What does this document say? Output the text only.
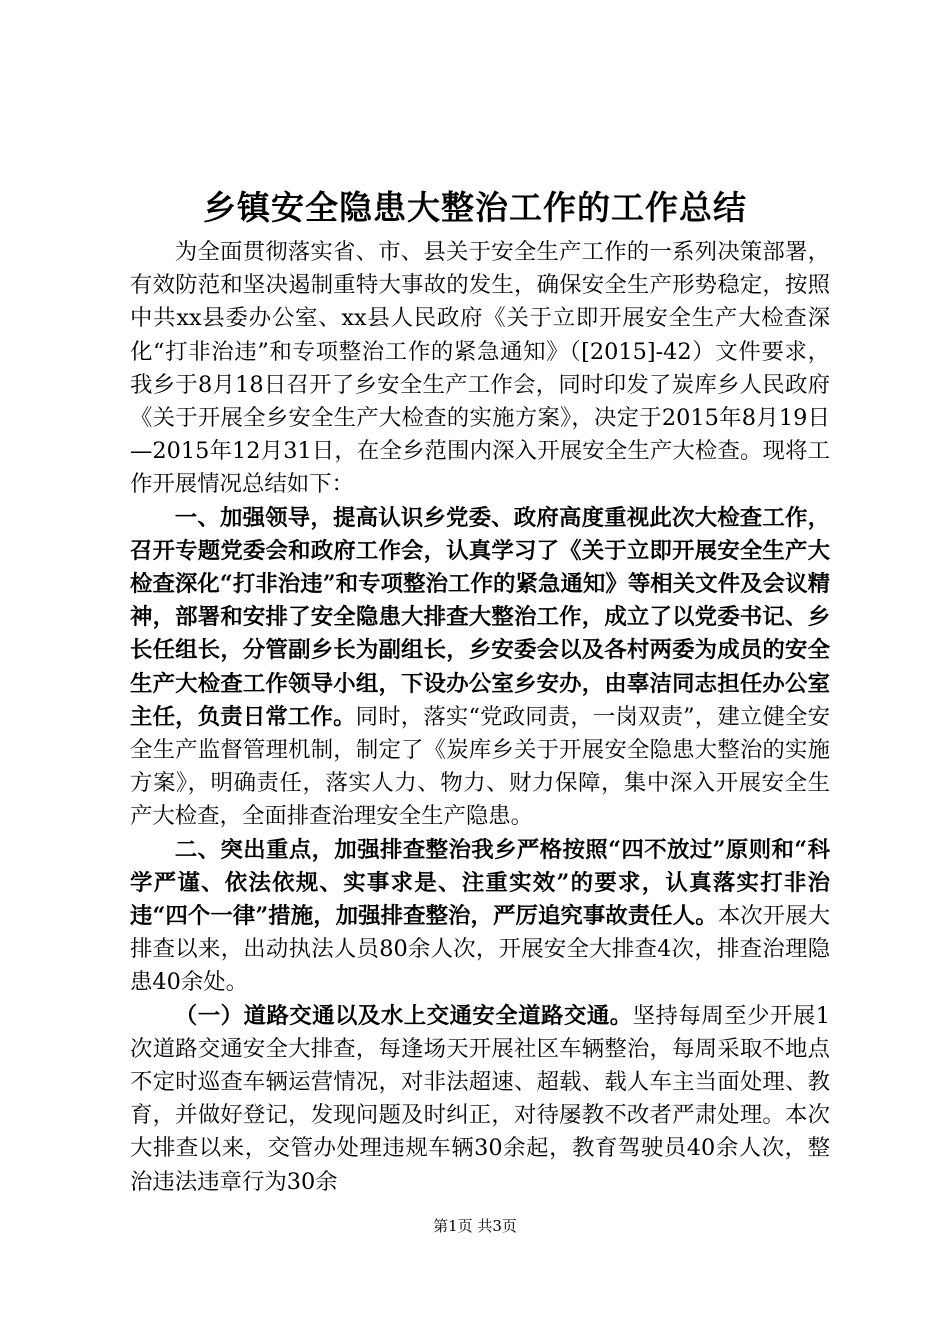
乡镇安全隐患大整治工作的工作总结

为全面贯彻落实省、市、县关于安全生产工作的一系列决策部署，有效防范和坚决遏制重特大事故的发生，确保安全生产形势稳定，按照中共xx县委办公室、xx县人民政府《关于立即开展安全生产大检查深化“打非治违”和专项整治工作的紧急通知》（[2015]-42）文件要求，我乡于8月18日召开了乡安全生产工作会，同时印发了炭库乡人民政府《关于开展全乡安全生产大检查的实施方案》，决定于2015年8月19日—2015年12月31日，在全乡范围内深入开展安全生产大检查。现将工作开展情况总结如下：

一、加强领导，提高认识乡党委、政府高度重视此次大检查工作，召开专题党委会和政府工作会，认真学习了《关于立即开展安全生产大检查深化“打非治违”和专项整治工作的紧急通知》等相关文件及会议精神，部署和安排了安全隐患大排查大整治工作，成立了以党委书记、乡长任组长，分管副乡长为副组长，乡安委会以及各村两委为成员的安全生产大检查工作领导小组，下设办公室乡安办，由辜洁同志担任办公室主任，负责日常工作。同时，落实“党政同责，一岗双责”，建立健全安全生产监督管理机制，制定了《炭库乡关于开展安全隐患大整治的实施方案》，明确责任，落实人力、物力、财力保障，集中深入开展安全生产大检查，全面排查治理安全生产隐患。

二、突出重点，加强排查整治我乡严格按照“四不放过”原则和“科学严谨、依法依规、实事求是、注重实效”的要求，认真落实打非治违“四个一律”措施，加强排查整治，严厉追究事故责任人。本次开展大排查以来，出动执法人员80余人次，开展安全大排查4次，排查治理隐患40余处。

（一）道路交通以及水上交通安全道路交通。坚持每周至少开展1次道路交通安全大排查，每逢场天开展社区车辆整治，每周采取不地点不定时巡查车辆运营情况，对非法超速、超载、载人车主当面处理、教育，并做好登记，发现问题及时纠正，对待屡教不改者严肃处理。本次大排查以来，交管办处理违规车辆30余起，教育驾驶员40余人次，整治违法违章行为30余

第1页 共3页
